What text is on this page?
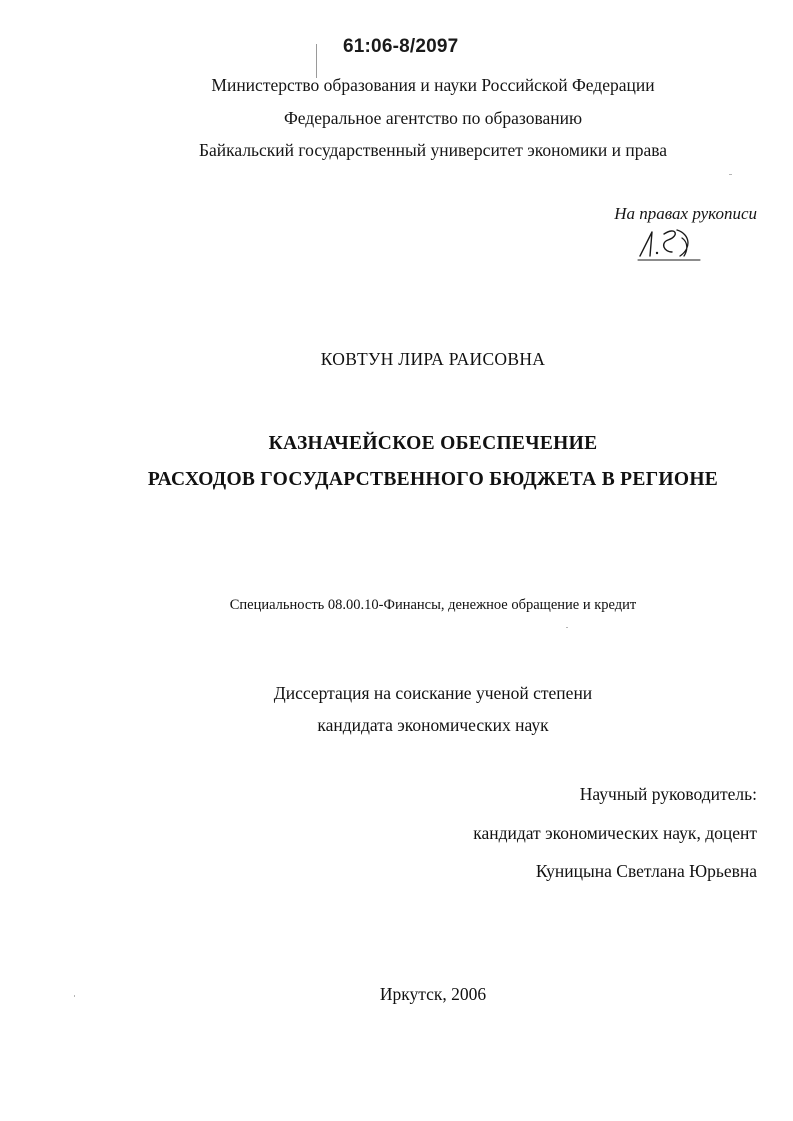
61:06-8/2097
Министерство образования и науки Российской Федерации
Федеральное агентство по образованию
Байкальский государственный университет экономики и права
На правах рукописи
КОВТУН ЛИРА РАИСОВНА
КАЗНАЧЕЙСКОЕ ОБЕСПЕЧЕНИЕ
РАСХОДОВ ГОСУДАРСТВЕННОГО БЮДЖЕТА В РЕГИОНЕ
Специальность 08.00.10-Финансы, денежное обращение и кредит
Диссертация на соискание ученой степени
кандидата экономических наук
Научный руководитель:
кандидат экономических наук, доцент
Куницына Светлана Юрьевна
Иркутск, 2006
